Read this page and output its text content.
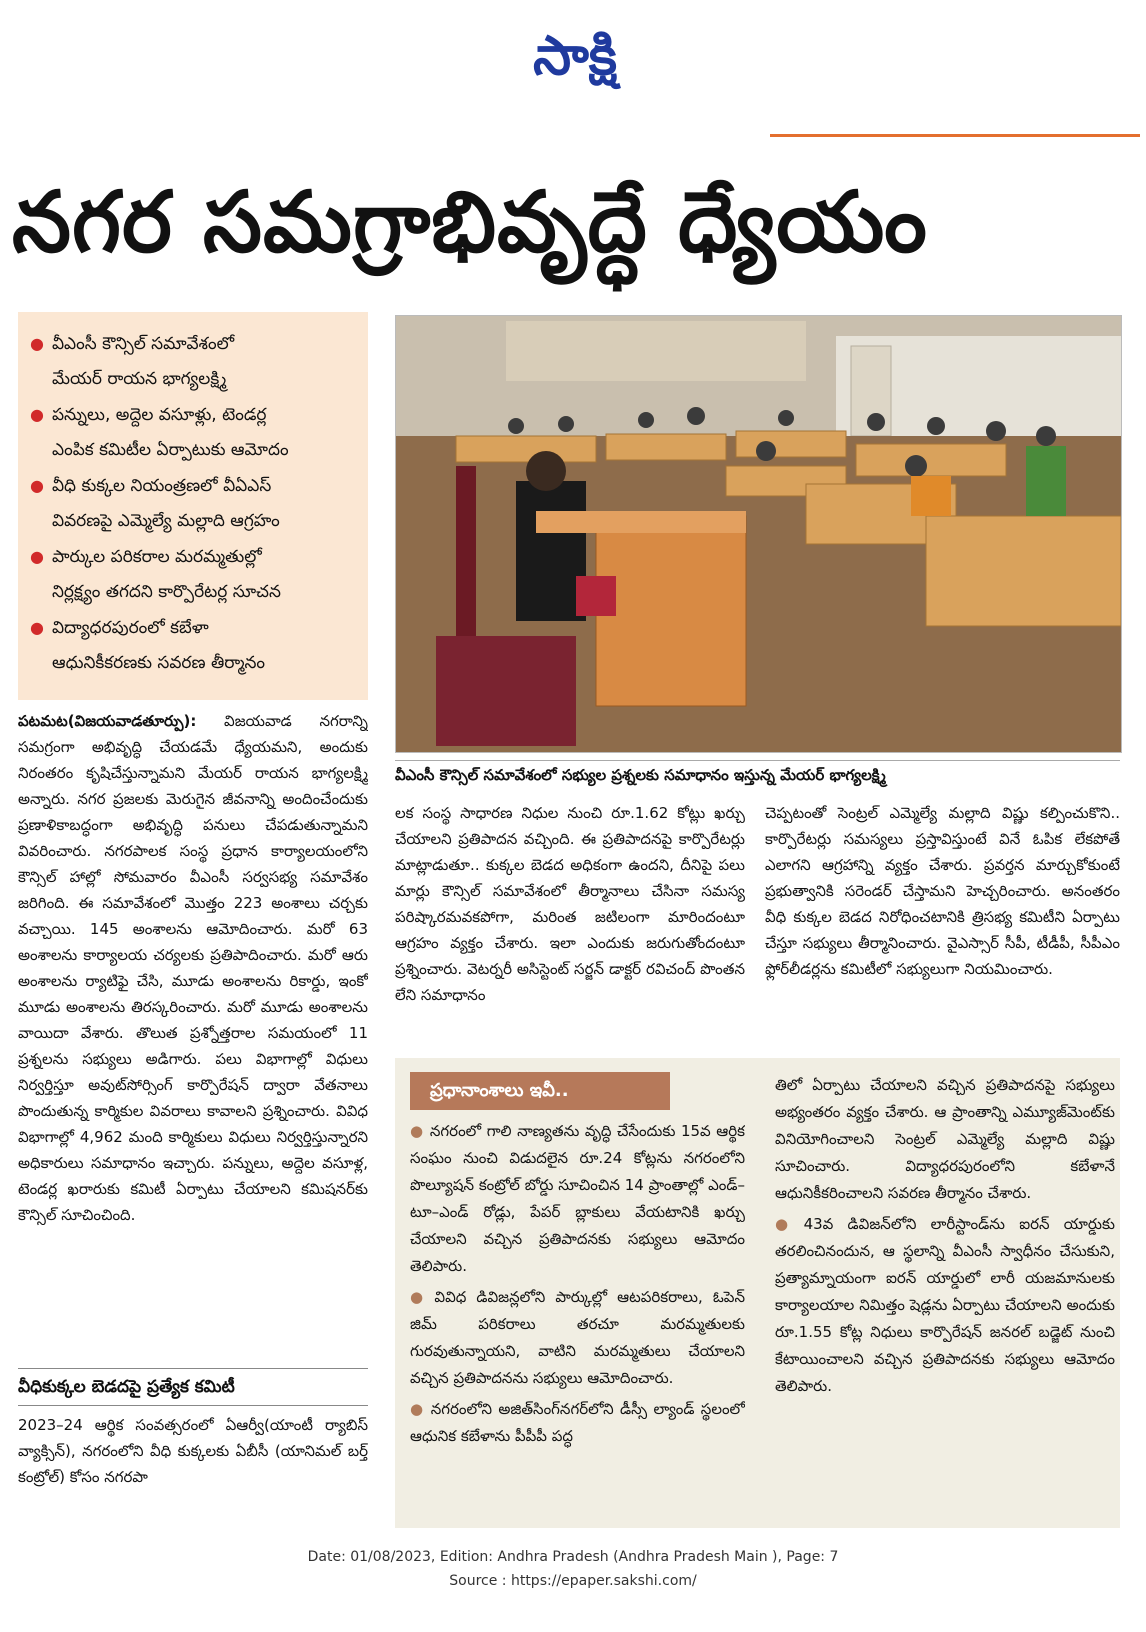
సాక్షి
నగర సమగ్రాభివృద్ధే ధ్యేయం
● వీఎంసీ కౌన్సిల్ సమావేశంలో
మేయర్ రాయన భాగ్యలక్ష్మి
● పన్నులు, అద్దెల వసూళ్లు, టెండర్ల
ఎంపిక కమిటీల ఏర్పాటుకు ఆమోదం
● వీధి కుక్కల నియంత్రణలో వీఏఎస్
వివరణపై ఎమ్మెల్యే మల్లాది ఆగ్రహం
● పార్కుల పరికరాల మరమ్మతుల్లో
నిర్లక్ష్యం తగదని కార్పొరేటర్ల సూచన
● విద్యాధరపురంలో కబేళా
ఆధునికీకరణకు సవరణ తీర్మానం
వీఎంసీ కౌన్సిల్ సమావేశంలో సభ్యుల ప్రశ్నలకు సమాధానం ఇస్తున్న మేయర్ భాగ్యలక్ష్మి
పటమట(విజయవాడతూర్పు): విజయవాడ నగరాన్ని సమగ్రంగా అభివృద్ధి చేయడమే ధ్యేయమని, అందుకు నిరంతరం కృషిచేస్తున్నామని మేయర్ రాయన భాగ్యలక్ష్మి అన్నారు. నగర ప్రజలకు మెరుగైన జీవనాన్ని అందించేందుకు ప్రణాళికాబద్ధంగా అభివృద్ధి పనులు చేపడుతున్నామని వివరించారు. నగరపాలక సంస్థ ప్రధాన కార్యాలయంలోని కౌన్సిల్ హాల్లో సోమవారం వీఎంసీ సర్వసభ్య సమావేశం జరిగింది. ఈ సమావేశంలో మొత్తం 223 అంశాలు చర్చకు వచ్చాయి. 145 అంశాలను ఆమోదించారు. మరో 63 అంశాలను కార్యాలయ చర్యలకు ప్రతిపాదించారు. మరో ఆరు అంశాలను ర్యాటిఫై చేసి, మూడు అంశాలను రికార్డు, ఇంకో మూడు అంశాలను తిరస్కరించారు. మరో మూడు అంశాలను వాయిదా వేశారు. తొలుత ప్రశ్నోత్తరాల సమయంలో 11 ప్రశ్నలను సభ్యులు అడిగారు. పలు విభాగాల్లో విధులు నిర్వర్తిస్తూ అవుట్‌సోర్సింగ్ కార్పొరేషన్ ద్వారా వేతనాలు పొందుతున్న కార్మికుల వివరాలు కావాలని ప్రశ్నించారు. వివిధ విభాగాల్లో 4,962 మంది కార్మికులు విధులు నిర్వర్తిస్తున్నారని అధికారులు సమాధానం ఇచ్చారు. పన్నులు, అద్దెల వసూళ్ల, టెండర్ల ఖరారుకు కమిటీ ఏర్పాటు చేయాలని కమిషనర్‌కు కౌన్సిల్ సూచించింది.
వీధికుక్కల బెడదపై ప్రత్యేక కమిటీ
2023–24 ఆర్థిక సంవత్సరంలో ఏఆర్వీ(యాంటీ ర్యాబిస్ వ్యాక్సిన్), నగరంలోని వీధి కుక్కలకు ఏబీసీ (యానిమల్ బర్త్ కంట్రోల్) కోసం నగరపా
లక సంస్థ సాధారణ నిధుల నుంచి రూ.1.62 కోట్లు ఖర్చు చేయాలని ప్రతిపాదన వచ్చింది. ఈ ప్రతిపాదనపై కార్పొరేటర్లు మాట్లాడుతూ.. కుక్కల బెడద అధికంగా ఉందని, దీనిపై పలు మార్లు కౌన్సిల్ సమావేశంలో తీర్మానాలు చేసినా సమస్య పరిష్కారమవకపోగా, మరింత జటిలంగా మారిందంటూ ఆగ్రహం వ్యక్తం చేశారు. ఇలా ఎందుకు జరుగుతోందంటూ ప్రశ్నించారు. వెటర్నరీ అసిస్టెంట్ సర్జన్ డాక్టర్ రవిచంద్ పొంతన లేని సమాధానం
చెప్పటంతో సెంట్రల్ ఎమ్మెల్యే మల్లాది విష్ణు కల్పించుకొని.. కార్పొరేటర్లు సమస్యలు ప్రస్తావిస్తుంటే వినే ఓపిక లేకపోతే ఎలాగని ఆగ్రహాన్ని వ్యక్తం చేశారు. ప్రవర్తన మార్చుకోకుంటే ప్రభుత్వానికి సరెండర్ చేస్తామని హెచ్చరించారు. అనంతరం వీధి కుక్కల బెడద నిరోధించటానికి త్రిసభ్య కమిటీని ఏర్పాటు చేస్తూ సభ్యులు తీర్మానించారు. వైఎస్సార్ సీపీ, టీడీపీ, సీపీఎం ఫ్లోర్‌లీడర్లను కమిటీలో సభ్యులుగా నియమించారు.
ప్రధానాంశాలు ఇవీ..
● నగరంలో గాలి నాణ్యతను వృద్ధి చేసేందుకు 15వ ఆర్థిక సంఘం నుంచి విడుదలైన రూ.24 కోట్లను నగరంలోని పొల్యూషన్ కంట్రోల్ బోర్డు సూచించిన 14 ప్రాంతాల్లో ఎండ్–టూ–ఎండ్ రోడ్లు, పేపర్ బ్లాకులు వేయటానికి ఖర్చు చేయాలని వచ్చిన ప్రతిపాదనకు సభ్యులు ఆమోదం తెలిపారు.
● వివిధ డివిజన్లలోని పార్కుల్లో ఆటపరికరాలు, ఓపెన్ జిమ్ పరికరాలు తరచూ మరమ్మతులకు గురవుతున్నాయని, వాటిని మరమ్మతులు చేయాలని వచ్చిన ప్రతిపాదనను సభ్యులు ఆమోదించారు.
● నగరంలోని అజిత్‌సింగ్‌నగర్‌లోని డీస్సీ ల్యాండ్ స్థలంలో ఆధునిక కబేళాను పీపీపీ పద్ధ
తిలో ఏర్పాటు చేయాలని వచ్చిన ప్రతిపాదనపై సభ్యులు అభ్యంతరం వ్యక్తం చేశారు. ఆ ప్రాంతాన్ని ఎమ్యూజ్‌మెంట్‌కు వినియోగించాలని సెంట్రల్ ఎమ్మెల్యే మల్లాది విష్ణు సూచించారు. విద్యాధరపురంలోని కబేళానే ఆధునికీకరించాలని సవరణ తీర్మానం చేశారు.
● 43వ డివిజన్‌లోని లారీస్టాండ్‌ను ఐరన్ యార్డుకు తరలించినందున, ఆ స్థలాన్ని వీఎంసీ స్వాధీనం చేసుకుని, ప్రత్యామ్నాయంగా ఐరన్ యార్డులో లారీ యజమానులకు కార్యాలయాల నిమిత్తం షెడ్లను ఏర్పాటు చేయాలని అందుకు రూ.1.55 కోట్ల నిధులు కార్పొరేషన్ జనరల్ బడ్జెట్ నుంచి కేటాయించాలని వచ్చిన ప్రతిపాదనకు సభ్యులు ఆమోదం తెలిపారు.
Date: 01/08/2023, Edition: Andhra Pradesh (Andhra Pradesh Main ), Page: 7
Source : https://epaper.sakshi.com/
